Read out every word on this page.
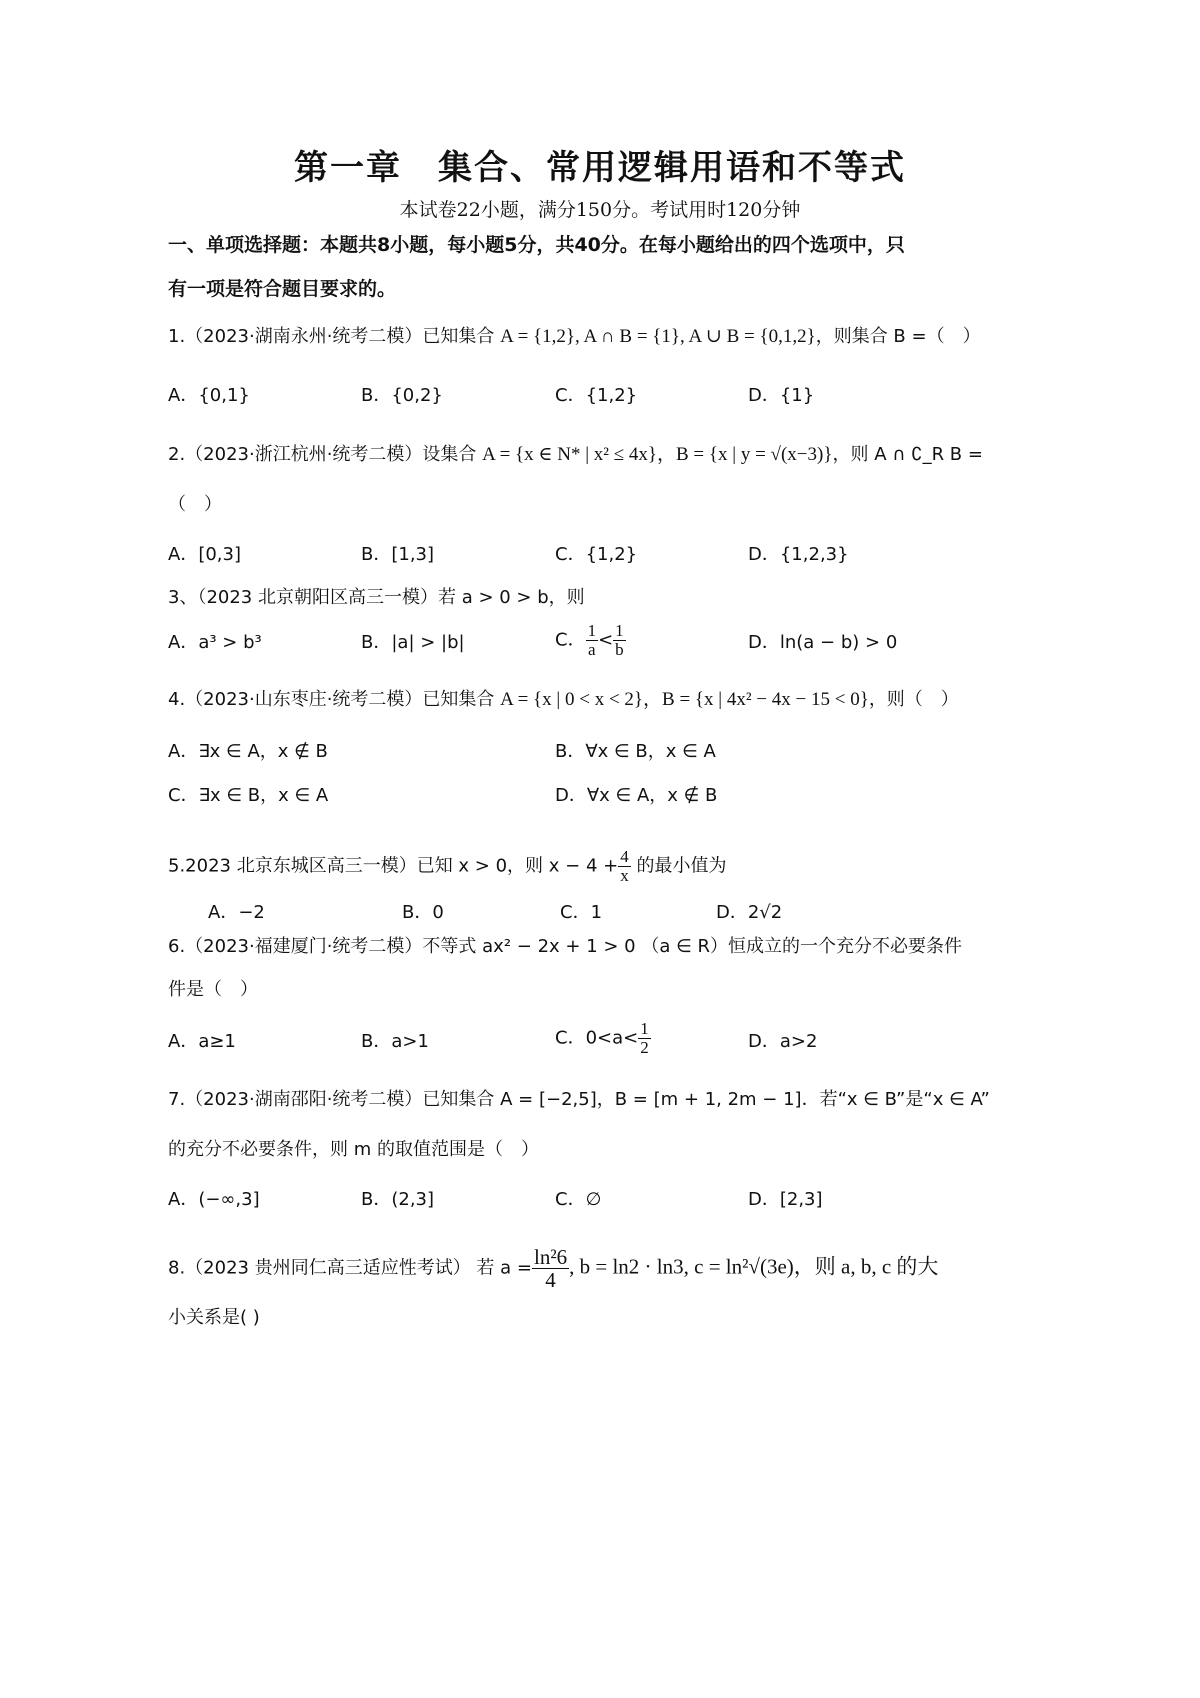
第一章　集合、常用逻辑用语和不等式
本试卷22小题，满分150分。考试用时120分钟
一、单项选择题：本题共8小题，每小题5分，共40分。在每小题给出的四个选项中，只
有一项是符合题目要求的。
1.（2023·湖南永州·统考二模）已知集合 A = {1,2}, A ∩ B = {1}, A ∪ B = {0,1,2}，则集合 B =（　）
A．{0,1}	B．{0,2}	C．{1,2}	D．{1}
2.（2023·浙江杭州·统考二模）设集合 A = {x ∈ N* | x² ≤ 4x}，B = {x | y = √(x−3)}，则 A ∩ ∁_R B =
（　）
A．[0,3]	B．[1,3]	C．{1,2}	D．{1,2,3}
3、（2023 北京朝阳区高三一模）若 a > 0 > b，则
A．a³ > b³	B．|a| > |b|	C． $\frac{1}{a} < \frac{1}{b}$	D．ln(a − b) > 0
4.（2023·山东枣庄·统考二模）已知集合 A = {x | 0 < x < 2}，B = {x | 4x² − 4x − 15 < 0}，则（　）
A．∃x ∈ A，x ∉ B	B．∀x ∈ B，x ∈ A
C．∃x ∈ B，x ∈ A	D．∀x ∈ A，x ∉ B
5.2023 北京东城区高三一模）已知 x > 0，则 $x - 4 + \frac{4}{x}$ 的最小值为
A．−2	B．0	C．1	D．2√2
6.（2023·福建厦门·统考二模）不等式 ax² − 2x + 1 > 0 （a ∈ R）恒成立的一个充分不必要条件
件是（　）
A．a≥1	B．a>1	C．$0<a< \frac{1}{2}$	D．a>2
7.（2023·湖南邵阳·统考二模）已知集合 A = [−2,5]，B = [m + 1, 2m − 1]．若“x ∈ B”是“x ∈ A”
的充分不必要条件，则 m 的取值范围是（　）
A．(−∞,3]	B．(2,3]	C．∅	D．[2,3]
8.（2023 贵州同仁高三适应性考试） 若 $a = \frac{\text{ln²6}}{4}$ , b = ln2 · ln3, c = ln²√(3e)，则 a, b, c 的大
小关系是( )
